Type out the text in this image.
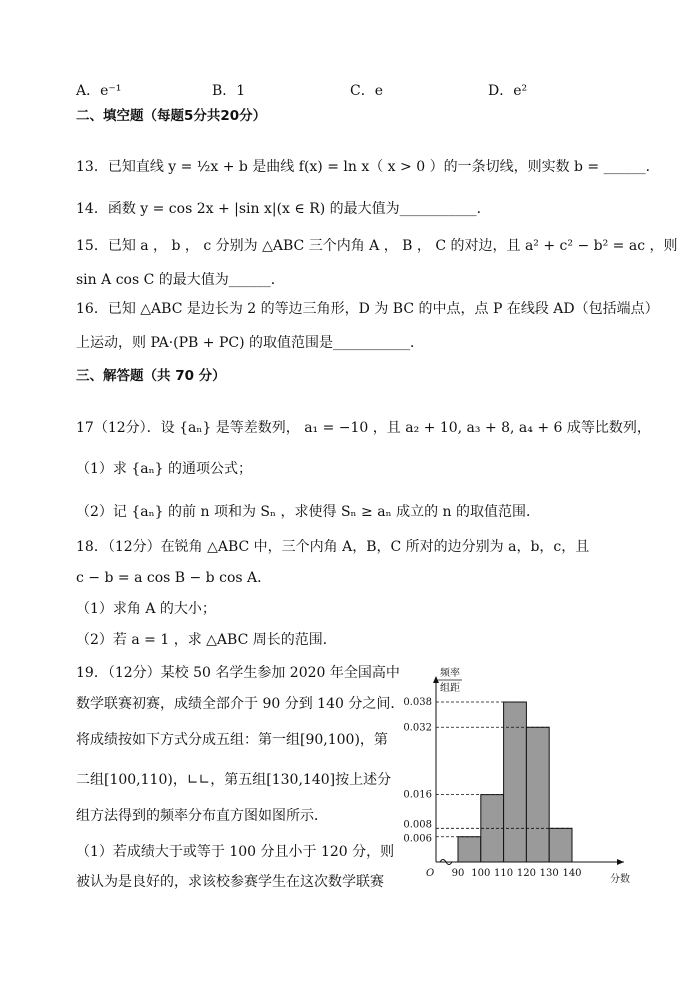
A．e⁻¹	B．1	C．e	D．e²
二、填空题（每题5分共20分）
13．已知直线 y = ½x + b 是曲线 f(x) = ln x（ x > 0 ）的一条切线，则实数 b = ______．
14．函数 y = cos 2x + |sin x|(x ∈ R) 的最大值为___________．
15．已知 a ， b ， c 分别为 △ABC 三个内角 A ， B ， C 的对边，且 a² + c² − b² = ac ，则
sin A cos C 的最大值为______．
16．已知 △ABC 是边长为 2 的等边三角形，D 为 BC 的中点，点 P 在线段 AD（包括端点）
上运动，则 PA·(PB + PC) 的取值范围是___________．
三、解答题（共 70 分）
17（12分）．设 {aₙ} 是等差数列， a₁ = −10 ，且 a₂ + 10, a₃ + 8, a₄ + 6 成等比数列，
（1）求 {aₙ} 的通项公式；
（2）记 {aₙ} 的前 n 项和为 Sₙ ，求使得 Sₙ ≥ aₙ 成立的 n 的取值范围．
18．（12分）在锐角 △ABC 中，三个内角 A，B，C 所对的边分别为 a，b，c，且
c − b = a cos B − b cos A．
（1）求角 A 的大小；
（2）若 a = 1 ，求 △ABC 周长的范围．
19．（12分）某校 50 名学生参加 2020 年全国高中
数学联赛初赛，成绩全部介于 90 分到 140 分之间．
将成绩按如下方式分成五组：第一组[90,100)，第
二组[100,110)，∟∟，第五组[130,140]按上述分
组方法得到的频率分布直方图如图所示．
（1）若成绩大于或等于 100 分且小于 120 分，则
被认为是良好的，求该校参赛学生在这次数学联赛
0.038
0.032
0.016
0.008
0.006
90 100 110 120 130 140
O
频率
组距
分数
